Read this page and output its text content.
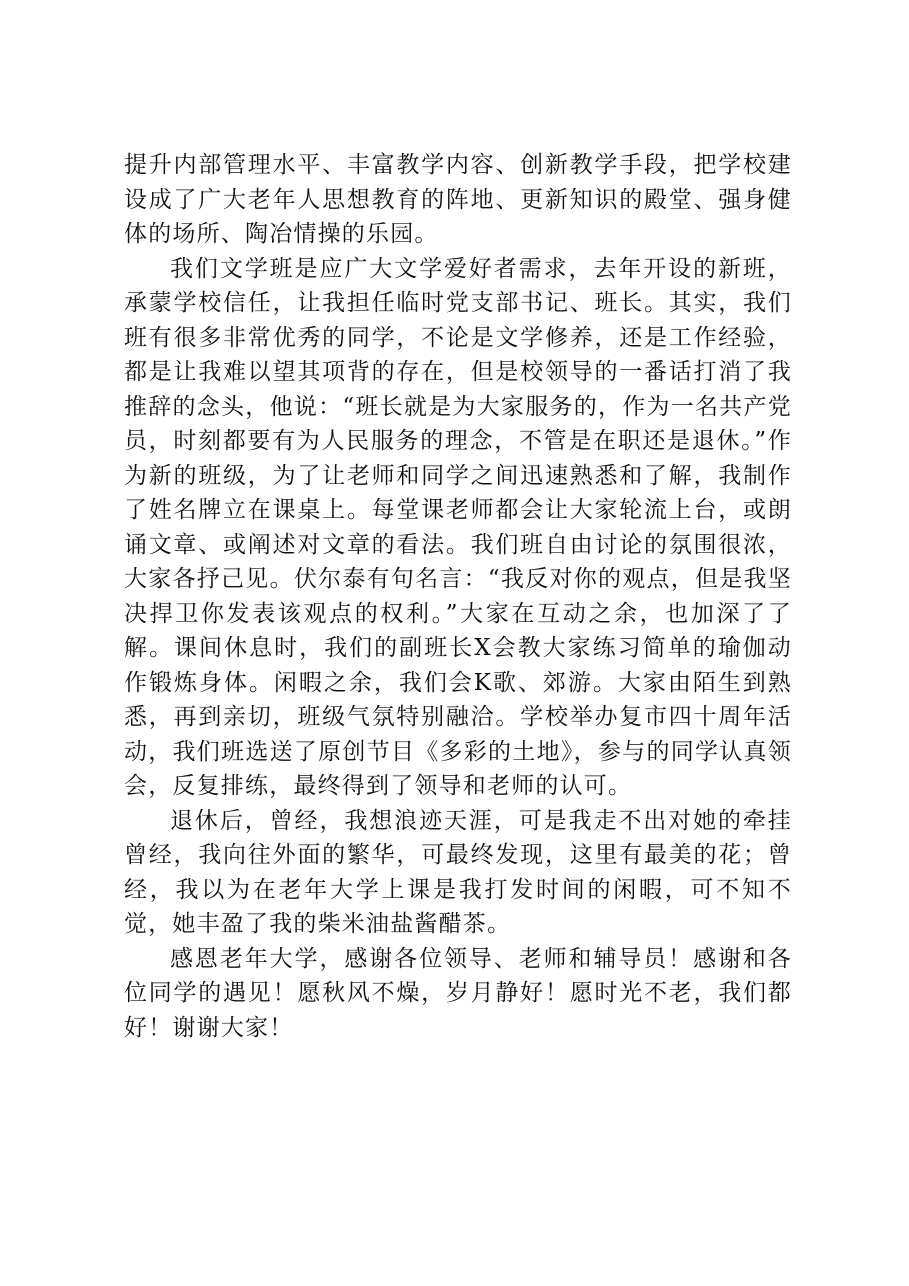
提升内部管理水平、丰富教学内容、创新教学手段，把学校建设成了广大老年人思想教育的阵地、更新知识的殿堂、强身健体的场所、陶冶情操的乐园。

我们文学班是应广大文学爱好者需求，去年开设的新班，承蒙学校信任，让我担任临时党支部书记、班长。其实，我们班有很多非常优秀的同学，不论是文学修养，还是工作经验，都是让我难以望其项背的存在，但是校领导的一番话打消了我推辞的念头，他说：“班长就是为大家服务的，作为一名共产党员，时刻都要有为人民服务的理念，不管是在职还是退休。”作为新的班级，为了让老师和同学之间迅速熟悉和了解，我制作了姓名牌立在课桌上。每堂课老师都会让大家轮流上台，或朗诵文章、或阐述对文章的看法。我们班自由讨论的氛围很浓，大家各抒己见。伏尔泰有句名言：“我反对你的观点，但是我坚决捍卫你发表该观点的权利。”大家在互动之余，也加深了了解。课间休息时，我们的副班长X会教大家练习简单的瑜伽动作锻炼身体。闲暇之余，我们会K歌、郊游。大家由陌生到熟悉，再到亲切，班级气氛特别融洽。学校举办复市四十周年活动，我们班选送了原创节目《多彩的土地》，参与的同学认真领会，反复排练，最终得到了领导和老师的认可。

退休后，曾经，我想浪迹天涯，可是我走不出对她的牵挂曾经，我向往外面的繁华，可最终发现，这里有最美的花；曾经，我以为在老年大学上课是我打发时间的闲暇，可不知不觉，她丰盈了我的柴米油盐酱醋茶。

感恩老年大学，感谢各位领导、老师和辅导员！感谢和各位同学的遇见！愿秋风不燥，岁月静好！愿时光不老，我们都好！谢谢大家！
